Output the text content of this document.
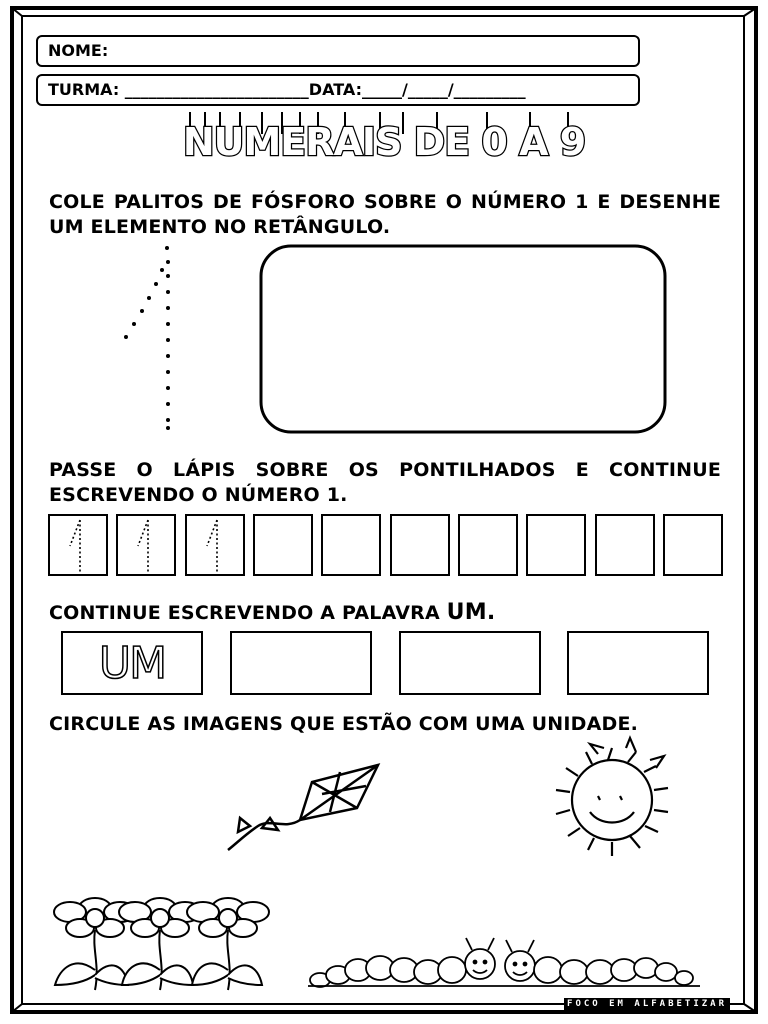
NOME:
TURMA: _______________________DATA:_____/_____/_________
NUMERAIS DE 0 A 9
COLE PALITOS DE FÓSFORO SOBRE O NÚMERO 1 E DESENHE UM ELEMENTO NO RETÂNGULO.
PASSE O LÁPIS SOBRE OS PONTILHADOS E CONTINUE ESCREVENDO O NÚMERO 1.
CONTINUE ESCREVENDO A PALAVRA UM.
UM
CIRCULE AS IMAGENS QUE ESTÃO COM UMA UNIDADE.
FOCO EM ALFABETIZAR
